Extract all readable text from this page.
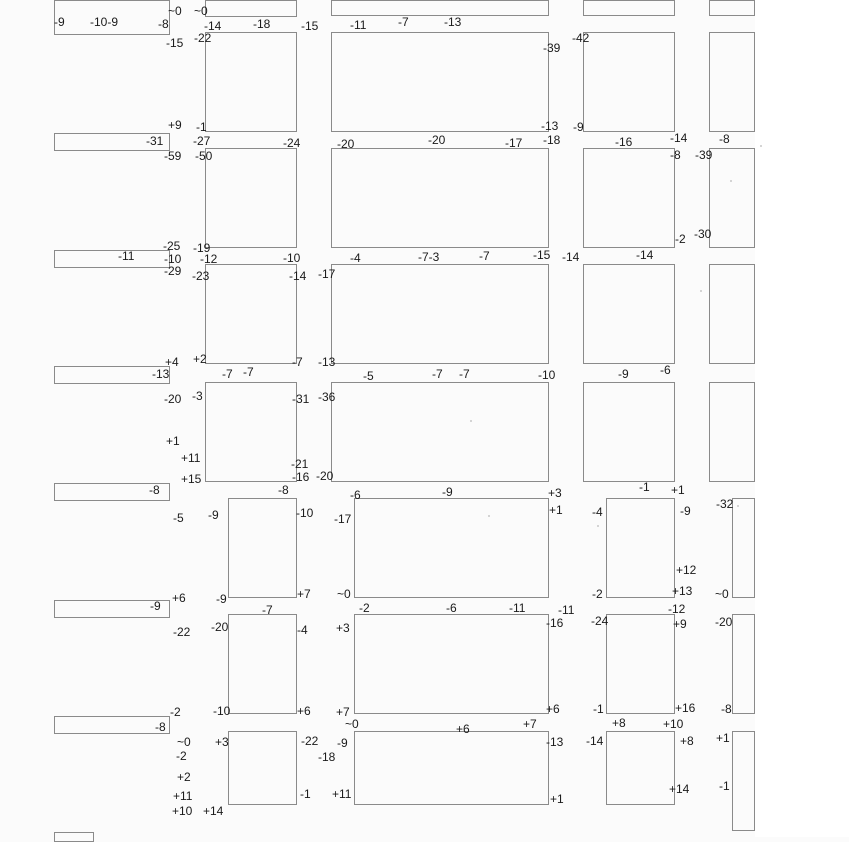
~0 ~0
-9 -10-9	-8	-14	-18	-15	-11	-7	-13
-15 -22
-39
-42
+9 -1	-13 -9
-31 -27	-24	-20	-20	-17 -18	-16	-14	-8
-59 -50	-8 -39
-25 -19
-2 -30
-11 -10 -12	-10	-4	-7-3	-7	-15 -14	-14
-29 -23	-14 -17
+4 +2	-7 -13
-13	-7 -7	-5	-7 -7	-10	-9	-6
-20 -3	-31 -36
+1
+11	-21
+15	-16 -20
-8	-8	-6	-9	+3
+1
-1 +1
-4	-9 -32
-5 -9	-10 -17
+12
+6	+13
-2	~0
-9	-9
-7
+7 ~0
-2	-6	-11	-11	-12
-16 -24	+9 -20
-22 -20	-4 +3
-2	-10	+6 +7	+6	-1	+16 -8
-8	~0	+6	+7	+8	+10
~0 +3	-22 -9	-13 -14	+8 +1
-2	-18
+2
+11	-1 +11	+14 -1
+1
+10 +14
